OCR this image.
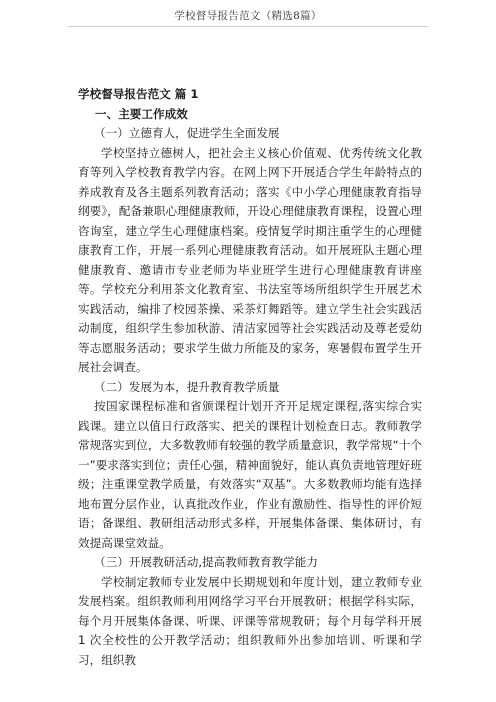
学校督导报告范文（精选8篇）

学校督导报告范文 篇 1

一、主要工作成效

（一）立德育人，促进学生全面发展

学校坚持立德树人，把社会主义核心价值观、优秀传统文化教育等列入学校教育教学内容。在网上网下开展适合学生年龄特点的养成教育及各主题系列教育活动；落实《中小学心理健康教育指导纲要》，配备兼职心理健康教师，开设心理健康教育课程，设置心理咨询室，建立学生心理健康档案。疫情复学时期注重学生的心理健康教育工作，开展一系列心理健康教育活动。如开展班队主题心理健康教育、邀请市专业老师为毕业班学生进行心理健康教育讲座等。学校充分利用茶文化教育室、书法室等场所组织学生开展艺术实践活动，编排了校园茶操、采茶灯舞蹈等。建立学生社会实践活动制度，组织学生参加秋游、清洁家园等社会实践活动及尊老爱幼等志愿服务活动；要求学生做力所能及的家务，寒暑假布置学生开展社会调查。

（二）发展为本，提升教育教学质量

按国家课程标准和省颁课程计划开齐开足规定课程,落实综合实践课。建立以值日行政落实、把关的课程计划检查日志。教师教学常规落实到位，大多数教师有较强的教学质量意识，教学常规“十个一”要求落实到位；责任心强，精神面貌好，能认真负责地管理好班级；注重课堂教学质量，有效落实“双基”。大多数教师均能有选择地布置分层作业，认真批改作业，作业有激励性、指导性的评价短语；备课组、教研组活动形式多样，开展集体备课、集体研讨，有效提高课堂效益。

（三）开展教研活动,提高教师教育教学能力

学校制定教师专业发展中长期规划和年度计划，建立教师专业发展档案。组织教师利用网络学习平台开展教研；根据学科实际，每个月开展集体备课、听课、评课等常规教研；每个月每学科开展 1 次全校性的公开教学活动；组织教师外出参加培训、听课和学习，组织教
